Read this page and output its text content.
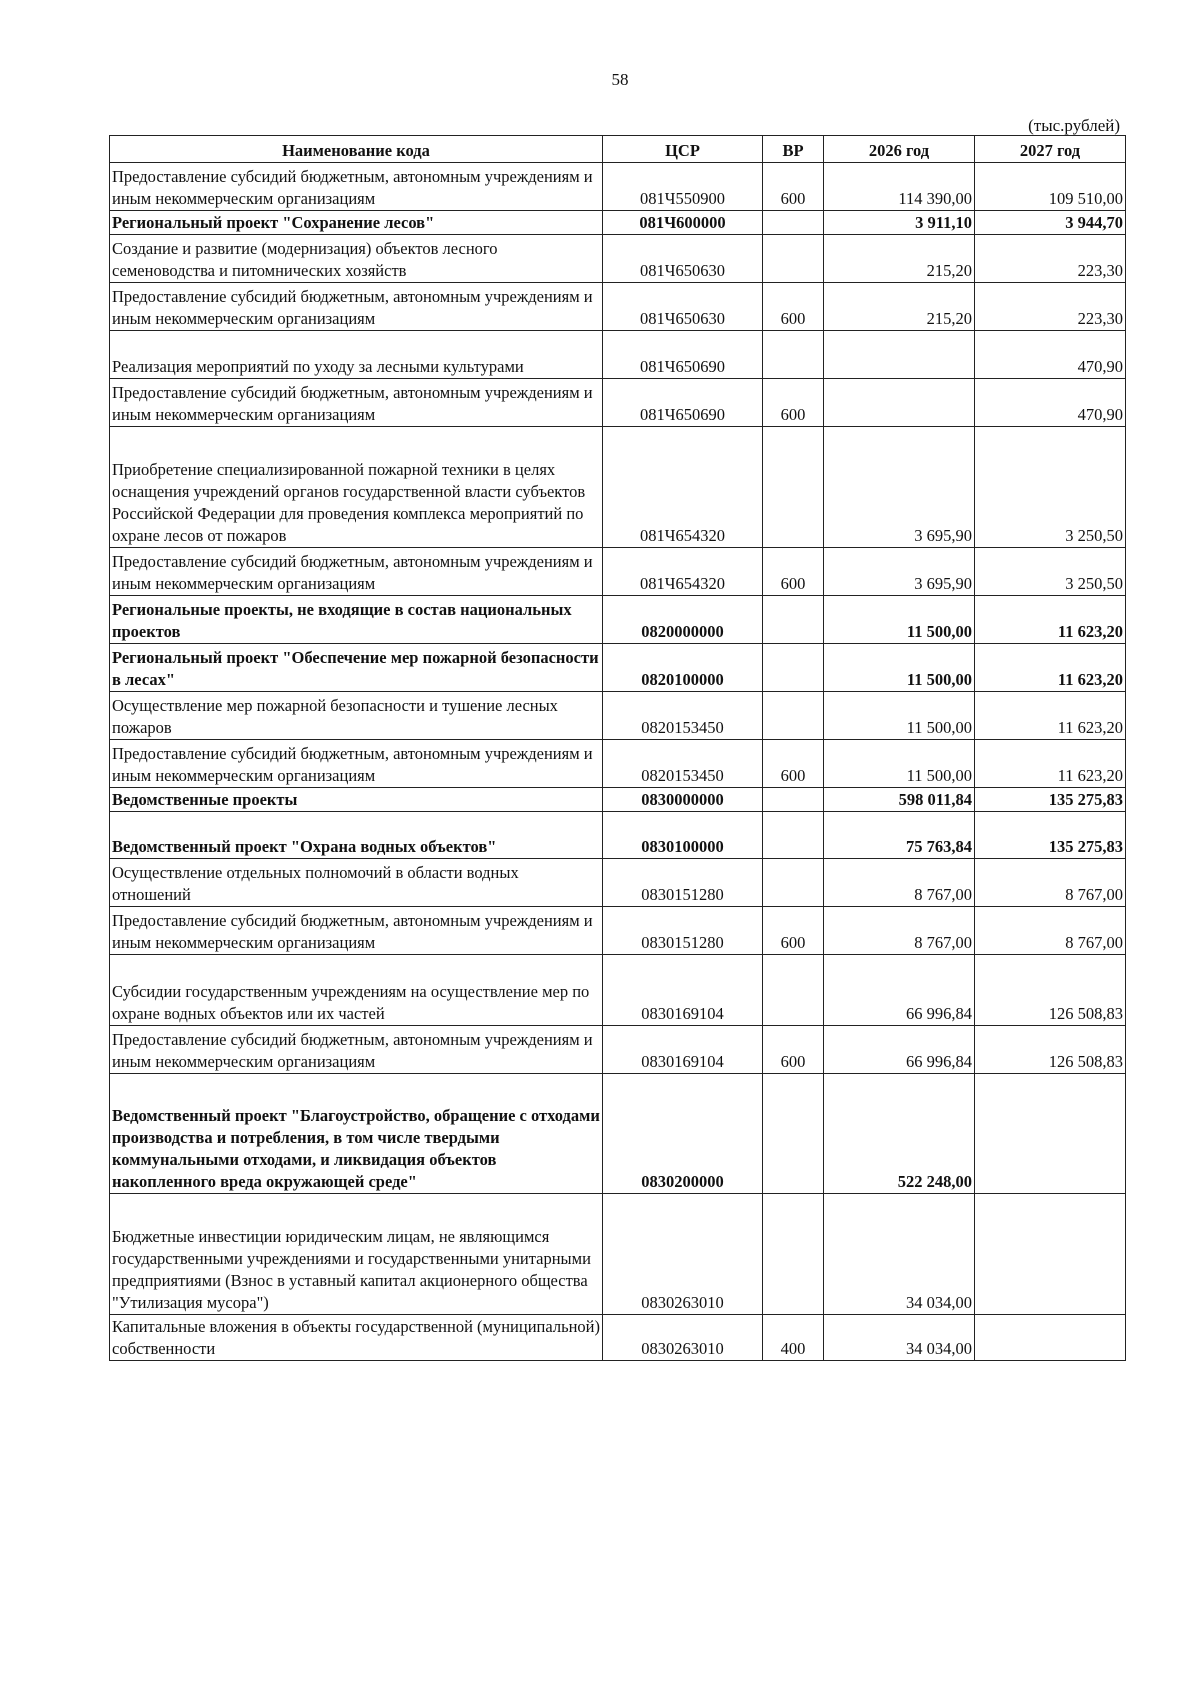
58
(тыс.рублей)
Наименование кода	ЦСР	ВР	2026 год	2027 год
Предоставление субсидий бюджетным, автономным учреждениям и иным некоммерческим организациям	081Ч550900	600	114 390,00	109 510,00
Региональный проект "Сохранение лесов"	081Ч600000		3 911,10	3 944,70
Создание и развитие (модернизация) объектов лесного семеноводства и питомнических хозяйств	081Ч650630		215,20	223,30
Предоставление субсидий бюджетным, автономным учреждениям и иным некоммерческим организациям	081Ч650630	600	215,20	223,30
Реализация мероприятий по уходу за лесными культурами	081Ч650690			470,90
Предоставление субсидий бюджетным, автономным учреждениям и иным некоммерческим организациям	081Ч650690	600		470,90
Приобретение специализированной пожарной техники в целях оснащения учреждений органов государственной власти субъектов Российской Федерации для проведения комплекса мероприятий по охране лесов от пожаров	081Ч654320		3 695,90	3 250,50
Предоставление субсидий бюджетным, автономным учреждениям и иным некоммерческим организациям	081Ч654320	600	3 695,90	3 250,50
Региональные проекты, не входящие в состав национальных проектов	0820000000		11 500,00	11 623,20
Региональный проект "Обеспечение мер пожарной безопасности в лесах"	0820100000		11 500,00	11 623,20
Осуществление мер пожарной безопасности и тушение лесных пожаров	0820153450		11 500,00	11 623,20
Предоставление субсидий бюджетным, автономным учреждениям и иным некоммерческим организациям	0820153450	600	11 500,00	11 623,20
Ведомственные проекты	0830000000		598 011,84	135 275,83
Ведомственный проект "Охрана водных объектов"	0830100000		75 763,84	135 275,83
Осуществление отдельных полномочий в области водных отношений	0830151280		8 767,00	8 767,00
Предоставление субсидий бюджетным, автономным учреждениям и иным некоммерческим организациям	0830151280	600	8 767,00	8 767,00
Субсидии государственным учреждениям на осуществление мер по охране водных объектов или их частей	0830169104		66 996,84	126 508,83
Предоставление субсидий бюджетным, автономным учреждениям и иным некоммерческим организациям	0830169104	600	66 996,84	126 508,83
Ведомственный проект "Благоустройство, обращение с отходами производства и потребления, в том числе твердыми коммунальными отходами, и ликвидация объектов накопленного вреда окружающей среде"	0830200000		522 248,00	
Бюджетные инвестиции юридическим лицам, не являющимся государственными учреждениями и государственными унитарными предприятиями (Взнос в уставный капитал акционерного общества "Утилизация мусора")	0830263010		34 034,00	
Капитальные вложения в объекты государственной (муниципальной) собственности	0830263010	400	34 034,00	
